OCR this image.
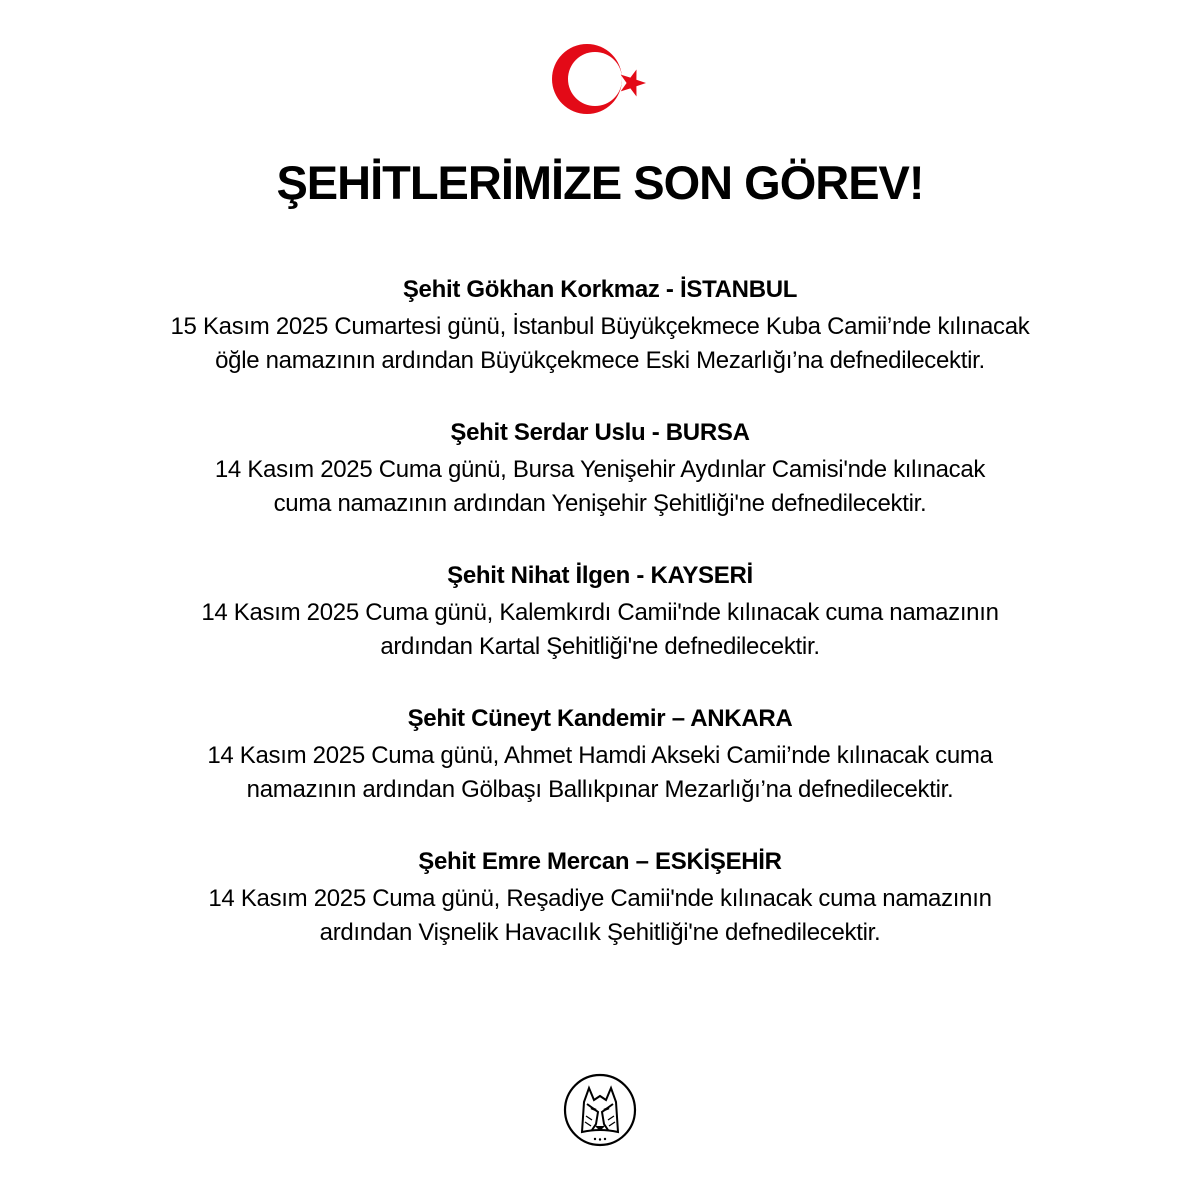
ŞEHİTLERİMİZE SON GÖREV!
Şehit Gökhan Korkmaz - İSTANBUL
15 Kasım 2025 Cumartesi günü, İstanbul Büyükçekmece Kuba Camii’nde kılınacak
öğle namazının ardından Büyükçekmece Eski Mezarlığı’na defnedilecektir.
Şehit Serdar Uslu - BURSA
14 Kasım 2025 Cuma günü, Bursa Yenişehir Aydınlar Camisi'nde kılınacak
cuma namazının ardından Yenişehir Şehitliği'ne defnedilecektir.
Şehit Nihat İlgen - KAYSERİ
14 Kasım 2025 Cuma günü, Kalemkırdı Camii'nde kılınacak cuma namazının
ardından Kartal Şehitliği'ne defnedilecektir.
Şehit Cüneyt Kandemir – ANKARA
14 Kasım 2025 Cuma günü, Ahmet Hamdi Akseki Camii’nde kılınacak cuma
namazının ardından Gölbaşı Ballıkpınar Mezarlığı’na defnedilecektir.
Şehit Emre Mercan – ESKİŞEHİR
14 Kasım 2025 Cuma günü, Reşadiye Camii'nde kılınacak cuma namazının
ardından Vişnelik Havacılık Şehitliği'ne defnedilecektir.
